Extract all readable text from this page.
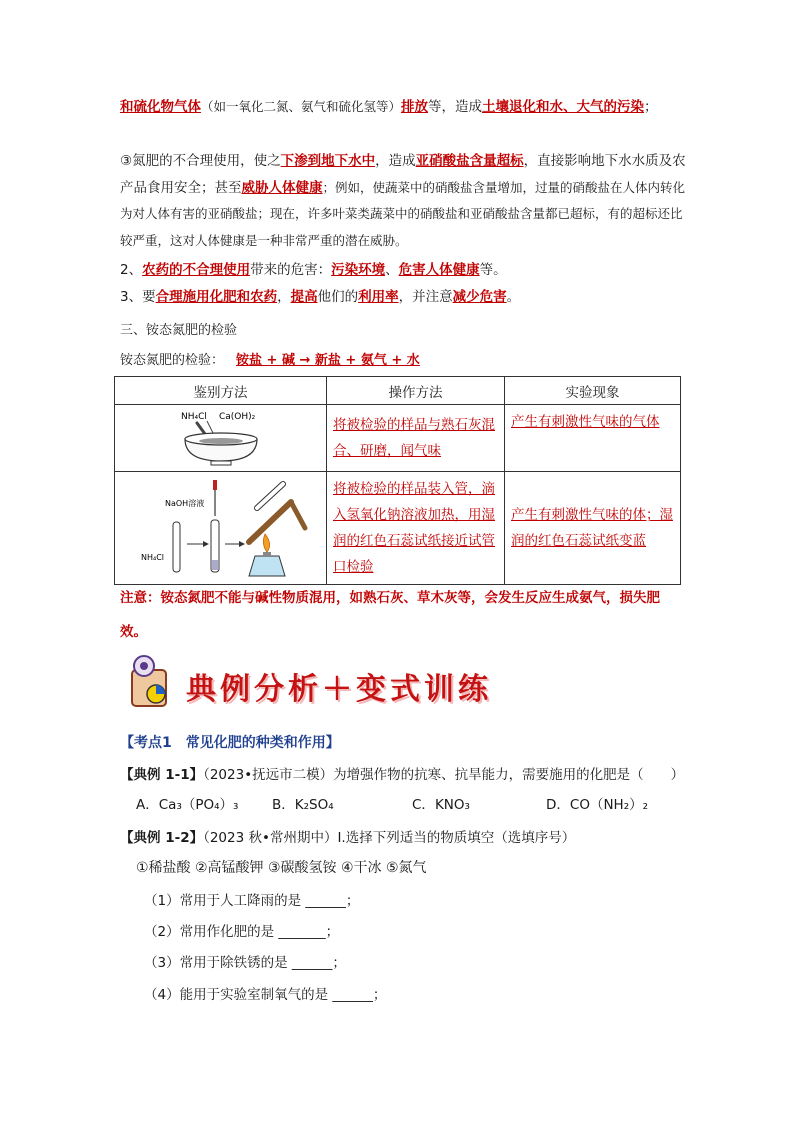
和硫化物气体（如一氧化二氮、氨气和硫化氢等）排放等，造成土壤退化和水、大气的污染；
③氮肥的不合理使用，使之下渗到地下水中，造成亚硝酸盐含量超标，直接影响地下水水质及农产品食用安全；甚至威胁人体健康；例如，使蔬菜中的硝酸盐含量增加，过量的硝酸盐在人体内转化为对人体有害的亚硝酸盐；现在，许多叶菜类蔬菜中的硝酸盐和亚硝酸盐含量都已超标，有的超标还比较严重，这对人体健康是一种非常严重的潜在威胁。
2、农药的不合理使用带来的危害：污染环境、危害人体健康等。
3、要合理施用化肥和农药，提高他们的利用率，并注意减少危害。
三、铵态氮肥的检验
铵态氮肥的检验： 铵盐 + 碱 → 新盐 + 氨气 + 水
鉴别方法	操作方法	实验现象

NH₄Cl Ca(OH)₂	将被检验的样品与熟石灰混合、研磨，闻气味	产生有刺激性气味的气体

NaOH溶液
NH₄Cl	将被检验的样品装入管，滴入氢氧化钠溶液加热，用湿润的红色石蕊试纸接近试管口检验	产生有刺激性气味的体；湿润的红色石蕊试纸变蓝
注意：铵态氮肥不能与碱性物质混用，如熟石灰、草木灰等，会发生反应生成氨气，损失肥效。
典例分析＋变式训练
【考点1　常见化肥的种类和作用】
【典例 1-1】（2023•抚远市二模）为增强作物的抗寒、抗旱能力，需要施用的化肥是（　　）
A．Ca₃（PO₄）₃ B．K₂SO₄	C．KNO₃	D．CO（NH₂）₂
【典例 1-2】（2023 秋•常州期中）Ⅰ.选择下列适当的物质填空（选填序号）
①稀盐酸 ②高锰酸钾 ③碳酸氢铵 ④干冰 ⑤氮气
（1）常用于人工降雨的是 ______；
（2）常用作化肥的是 _______；
（3）常用于除铁锈的是 ______；
（4）能用于实验室制氧气的是 ______；
